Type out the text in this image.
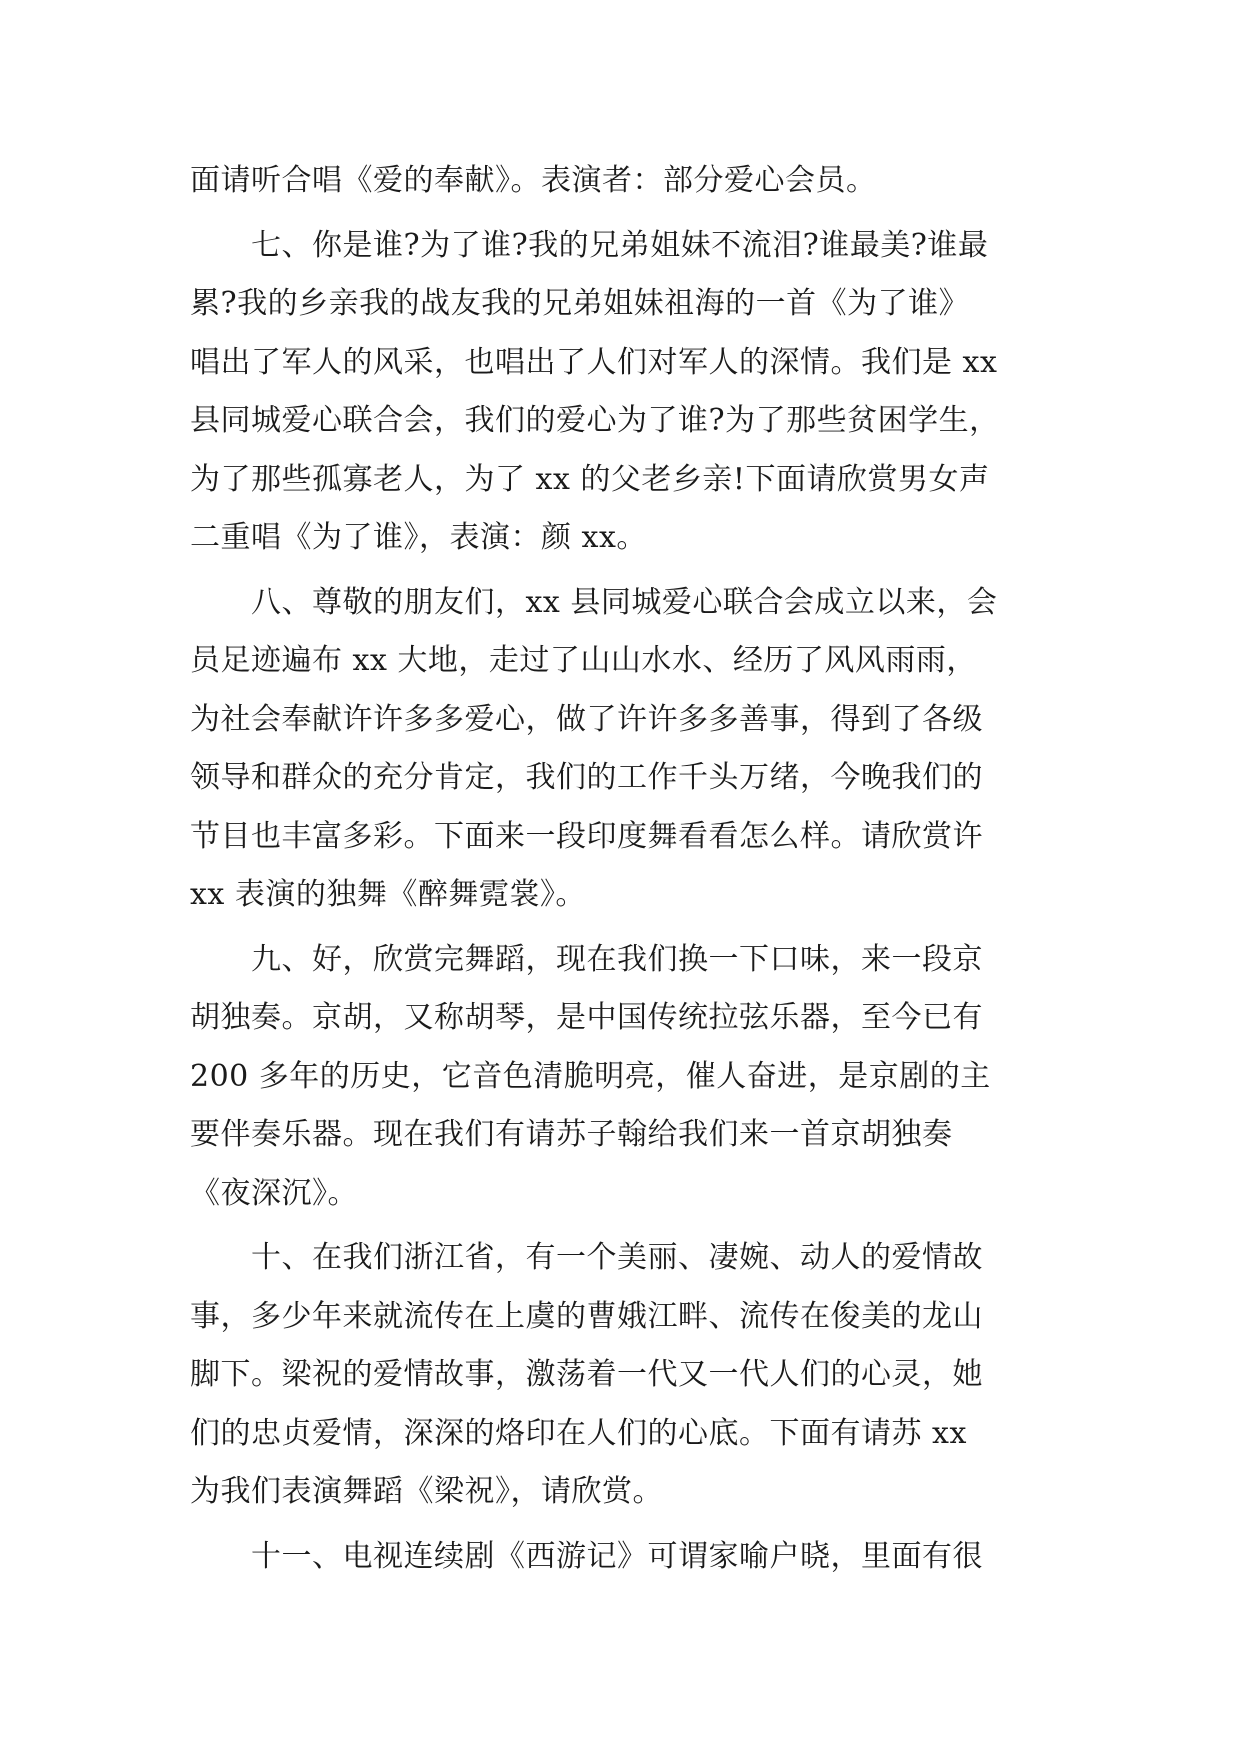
面请听合唱《爱的奉献》。表演者：部分爱心会员。
七、你是谁?为了谁?我的兄弟姐妹不流泪?谁最美?谁最
累?我的乡亲我的战友我的兄弟姐妹祖海的一首《为了谁》
唱出了军人的风采，也唱出了人们对军人的深情。我们是 xx
县同城爱心联合会，我们的爱心为了谁?为了那些贫困学生，
为了那些孤寡老人，为了 xx 的父老乡亲!下面请欣赏男女声
二重唱《为了谁》，表演：颜 xx。
八、尊敬的朋友们，xx 县同城爱心联合会成立以来，会
员足迹遍布 xx 大地，走过了山山水水、经历了风风雨雨，
为社会奉献许许多多爱心，做了许许多多善事，得到了各级
领导和群众的充分肯定，我们的工作千头万绪，今晚我们的
节目也丰富多彩。下面来一段印度舞看看怎么样。请欣赏许
xx 表演的独舞《醉舞霓裳》。
九、好，欣赏完舞蹈，现在我们换一下口味，来一段京
胡独奏。京胡，又称胡琴，是中国传统拉弦乐器，至今已有
200 多年的历史，它音色清脆明亮，催人奋进，是京剧的主
要伴奏乐器。现在我们有请苏子翰给我们来一首京胡独奏
《夜深沉》。
十、在我们浙江省，有一个美丽、凄婉、动人的爱情故
事，多少年来就流传在上虞的曹娥江畔、流传在俊美的龙山
脚下。梁祝的爱情故事，激荡着一代又一代人们的心灵，她
们的忠贞爱情，深深的烙印在人们的心底。下面有请苏 xx
为我们表演舞蹈《梁祝》，请欣赏。
十一、电视连续剧《西游记》可谓家喻户晓，里面有很
